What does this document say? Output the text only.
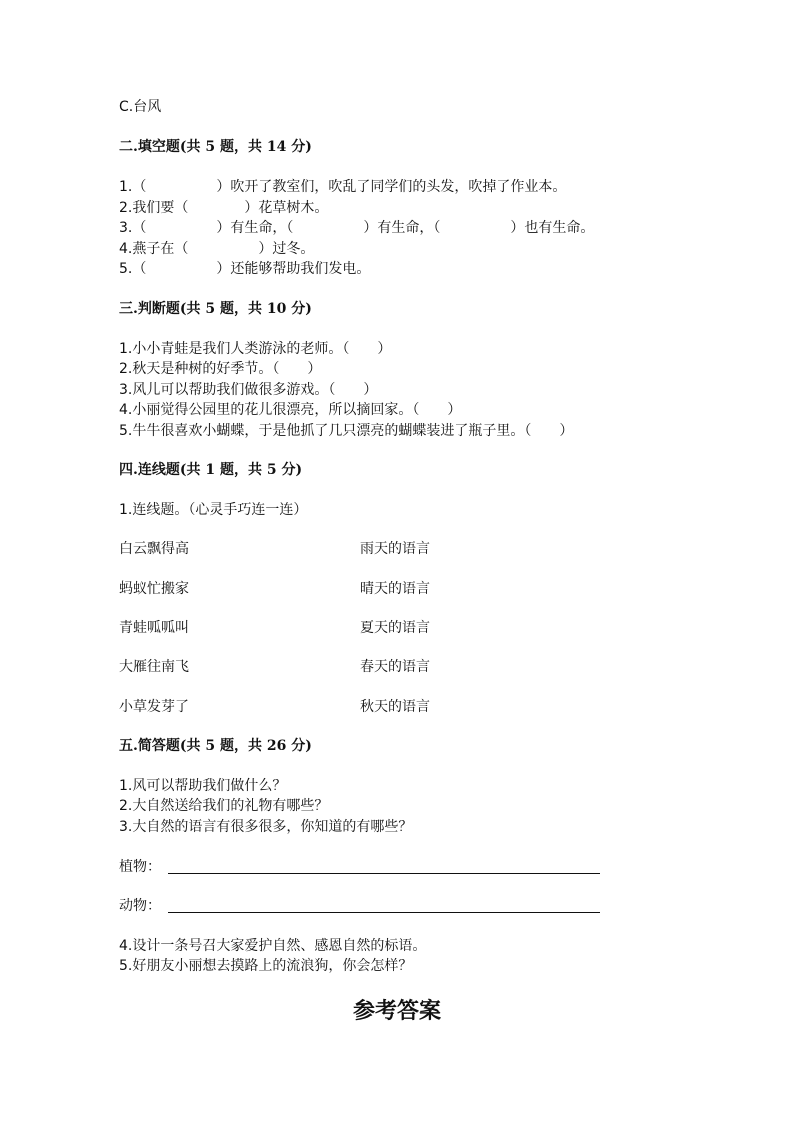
C.台风
二.填空题(共 5 题，共 14 分)
1.（　　　　　）吹开了教室们，吹乱了同学们的头发，吹掉了作业本。
2.我们要（　　　　）花草树木。
3.（　　　　　）有生命，（　　　　　）有生命，（　　　　　）也有生命。
4.燕子在（　　　　　）过冬。
5.（　　　　　）还能够帮助我们发电。
三.判断题(共 5 题，共 10 分)
1.小小青蛙是我们人类游泳的老师。（　　）
2.秋天是种树的好季节。（　　）
3.风儿可以帮助我们做很多游戏。（　　）
4.小丽觉得公园里的花儿很漂亮，所以摘回家。（　　）
5.牛牛很喜欢小蝴蝶，于是他抓了几只漂亮的蝴蝶装进了瓶子里。（　　）
四.连线题(共 1 题，共 5 分)
1.连线题。（心灵手巧连一连）
白云飘得高	雨天的语言
蚂蚁忙搬家	晴天的语言
青蛙呱呱叫	夏天的语言
大雁往南飞	春天的语言
小草发芽了	秋天的语言
五.简答题(共 5 题，共 26 分)
1.风可以帮助我们做什么？
2.大自然送给我们的礼物有哪些？
3.大自然的语言有很多很多，你知道的有哪些？
植物：
动物：
4.设计一条号召大家爱护自然、感恩自然的标语。
5.好朋友小丽想去摸路上的流浪狗，你会怎样？
参考答案
